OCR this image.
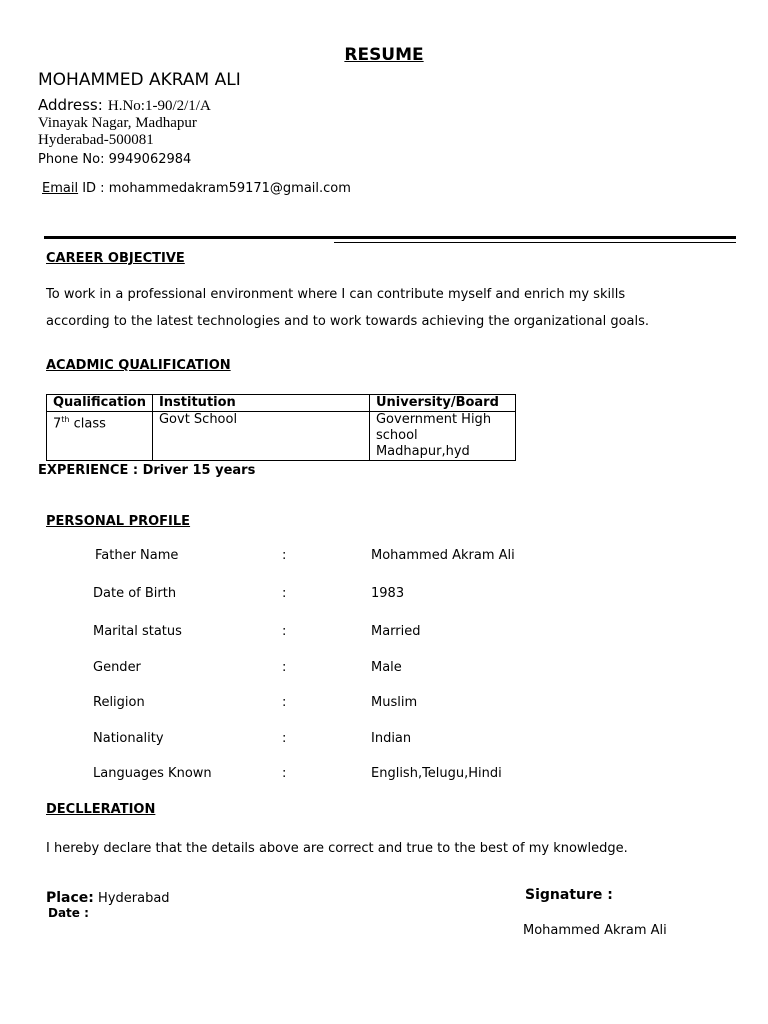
RESUME
MOHAMMED AKRAM ALI
Address: H.No:1-90/2/1/A
Vinayak Nagar, Madhapur
Hyderabad-500081
Phone No: 9949062984
Email ID : mohammedakram59171@gmail.com
CAREER OBJECTIVE
To work in a professional environment where I can contribute myself and enrich my skills
according to the latest technologies and to work towards achieving the organizational goals.
ACADMIC QUALIFICATION
Qualification	Institution	University/Board
7th class	Govt School	Government High
school Madhapur,hyd
EXPERIENCE : Driver 15 years
PERSONAL PROFILE
Father Name	:	Mohammed Akram Ali
Date of Birth	:	1983
Marital status	:	Married
Gender	:	Male
Religion	:	Muslim
Nationality	:	Indian
Languages Known	:	English,Telugu,Hindi
DECLLERATION
I hereby declare that the details above are correct and true to the best of my knowledge.
Place: Hyderabad
Date :
Signature :
Mohammed Akram Ali
